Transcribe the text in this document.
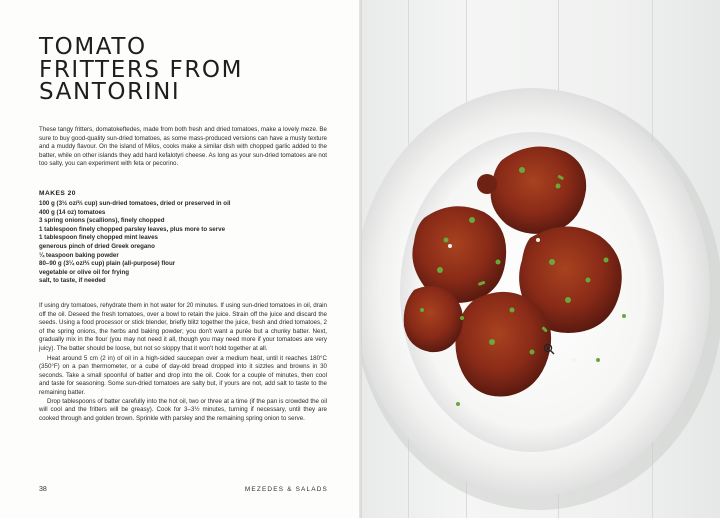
TOMATO
FRITTERS FROM
SANTORINI

These tangy fritters, domatokeftedes, made from both fresh and dried tomatoes, make a lovely meze. Be sure to buy good-quality sun-dried tomatoes, as some mass-produced versions can have a musty texture and a muddy flavour. On the island of Milos, cooks make a similar dish with chopped garlic added to the batter, while on other islands they add hard kefalotyri cheese. As long as your sun-dried tomatoes are not too salty, you can experiment with feta or pecorino.

MAKES 20
100 g (3½ oz/⅔ cup) sun-dried tomatoes, dried or preserved in oil
400 g (14 oz) tomatoes
3 spring onions (scallions), finely chopped
1 tablespoon finely chopped parsley leaves, plus more to serve
1 tablespoon finely chopped mint leaves
generous pinch of dried Greek oregano
¼ teaspoon baking powder
80–90 g (3¼ oz/⅔ cup) plain (all-purpose) flour
vegetable or olive oil for frying
salt, to taste, if needed

If using dry tomatoes, rehydrate them in hot water for 20 minutes. If using sun-dried tomatoes in oil, drain off the oil. Deseed the fresh tomatoes, over a bowl to retain the juice. Strain off the juice and discard the seeds. Using a food processor or stick blender, briefly blitz together the juice, fresh and dried tomatoes, 2 of the spring onions, the herbs and baking powder; you don't want a purée but a chunky batter. Next, gradually mix in the flour (you may not need it all, though you may need more if your tomatoes are very juicy). The batter should be loose, but not so sloppy that it won't hold together at all.

Heat around 5 cm (2 in) of oil in a high-sided saucepan over a medium heat, until it reaches 180°C (350°F) on a pan thermometer, or a cube of day-old bread dropped into it sizzles and browns in 30 seconds. Take a small spoonful of batter and drop into the oil. Cook for a couple of minutes, then cool and taste for seasoning. Some sun-dried tomatoes are salty but, if yours are not, add salt to taste to the remaining batter.

Drop tablespoons of batter carefully into the hot oil, two or three at a time (if the pan is crowded the oil will cool and the fritters will be greasy). Cook for 3–3½ minutes, turning if necessary, until they are cooked through and golden brown. Sprinkle with parsley and the remaining spring onion to serve.

38	MEZEDES & SALADS
